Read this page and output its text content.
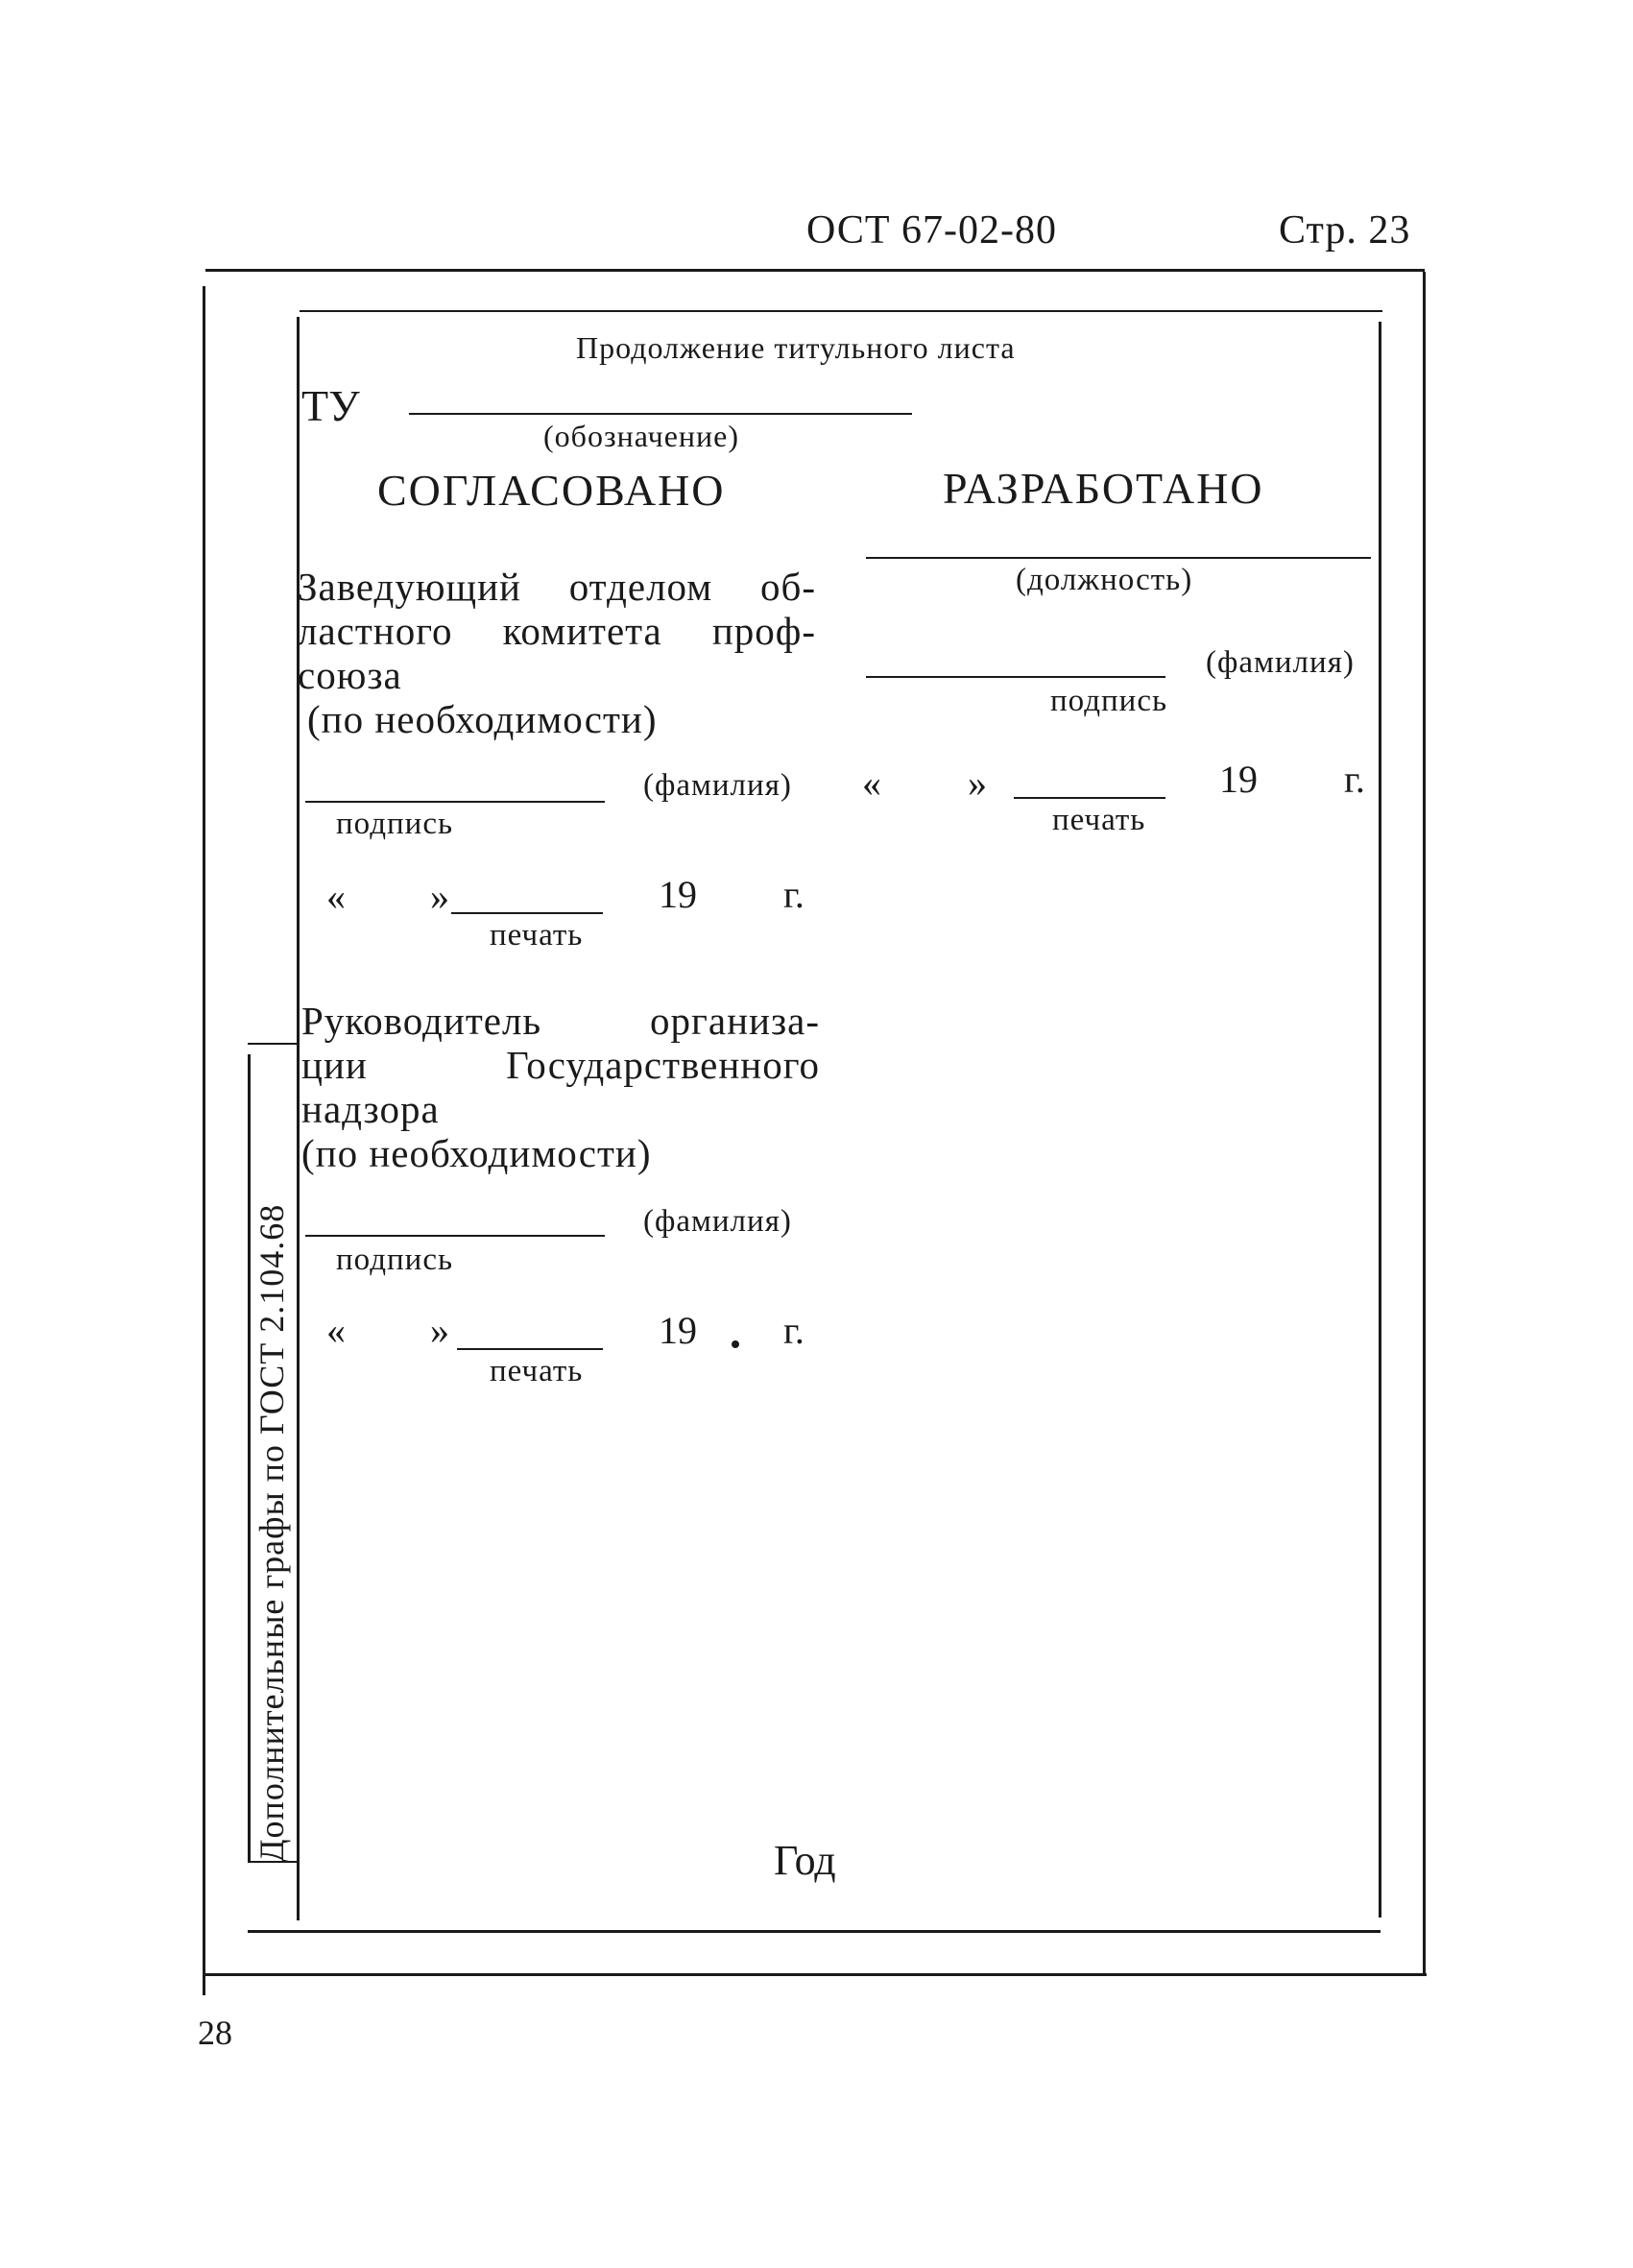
ОСТ 67-02-80	Стр. 23
Дополнительные графы по ГОСТ 2.104.68
Продолжение титульного листа
ТУ
(обозначение)
СОГЛАСОВАНО	РАЗРАБОТАНО
Заведующий отделом об-
ластного комитета проф-
союза
(по необходимости)
(фамилия)
подпись
« »	19 г.
печать
Руководитель организа-
ции Государственного
надзора
(по необходимости)
(фамилия)
подпись
« »	19 г.
печать
(должность)
(фамилия)
подпись
« »	19 г.
печать
Год
28
